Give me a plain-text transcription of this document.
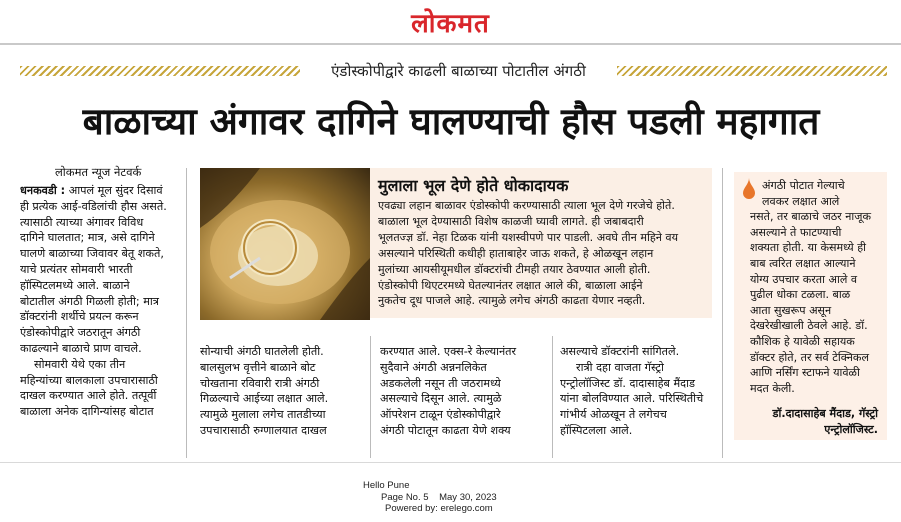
लोकमत
एंडोस्कोपीद्वारे काढली बाळाच्या पोटातील अंगठी
बाळाच्या अंगावर दागिने घालण्याची हौस पडली महागात
लोकमत न्यूज नेटवर्क

धनकवडी : आपलं मूल सुंदर दिसावं

ही प्रत्येक आई-वडिलांची हौस असते.

त्यासाठी त्याच्या अंगावर विविध

दागिने घालतात; मात्र, असे दागिने

घालणे बाळाच्या जिवावर बेतू शकते,

याचे प्रत्यंतर सोमवारी भारती

हॉस्पिटलमध्ये आले. बाळाने

बोटातील अंगठी गिळली होती; मात्र

डॉक्टरांनी शर्थीचे प्रयत्न करून

एंडोस्कोपीद्वारे जठरातून अंगठी

काढल्याने बाळाचे प्राण वाचले.

सोमवारी येथे एका तीन

महिन्यांच्या बालकाला उपचारासाठी

दाखल करण्यात आले होते. तत्पूर्वी

बाळाला अनेक दागिन्यांसह बोटात

मुलाला भूल देणे होते धोकादायक

एवढ्या लहान बाळावर एंडोस्कोपी करण्यासाठी त्याला भूल देणे गरजेचे होते.

बाळाला भूल देण्यासाठी विशेष काळजी घ्यावी लागते. ही जबाबदारी

भूलतज्ज्ञ डॉ. नेहा टिळक यांनी यशस्वीपणे पार पाडली. अवघे तीन महिने वय

असल्याने परिस्थिती कधीही हाताबाहेर जाऊ शकते, हे ओळखून लहान

मुलांच्या आयसीयूमधील डॉक्टरांची टीमही तयार ठेवण्यात आली होती.

एंडोस्कोपी थिएटरमध्ये घेतल्यानंतर लक्षात आले की, बाळाला आईने

नुकतेच दूध पाजले आहे. त्यामुळे लगेच अंगठी काढता येणार नव्हती.

सोन्याची अंगठी घातलेली होती.

बालसुलभ वृत्तीने बाळाने बोट

चोखताना रविवारी रात्री अंगठी

गिळल्याचे आईच्या लक्षात आले.

त्यामुळे मुलाला लगेच तातडीच्या

उपचारासाठी रुग्णालयात दाखल

करण्यात आले. एक्स-रे केल्यानंतर

सुदैवाने अंगठी अन्ननलिकेत

अडकलेली नसून ती जठरामध्ये

असल्याचे दिसून आले. त्यामुळे

ऑपरेशन टाळून एंडोस्कोपीद्वारे

अंगठी पोटातून काढता येणे शक्य

असल्याचे डॉक्टरांनी सांगितले.

रात्री दहा वाजता गॅस्ट्रो

एन्ट्रोलॉजिस्ट डॉ. दादासाहेब मैंदाड

यांना बोलविण्यात आले. परिस्थितीचे

गांभीर्य ओळखून ते लगेचच

हॉस्पिटलला आले.

अंगठी पोटात गेल्याचे

लवकर लक्षात आले

नसते, तर बाळाचे जठर नाजूक

असल्याने ते फाटण्याची

शक्यता होती. या केसमध्ये ही

बाब त्वरित लक्षात आल्याने

योग्य उपचार करता आले व

पुढील धोका टळला. बाळ

आता सुखरूप असून

देखरेखीखाली ठेवले आहे. डॉ.

कौशिक हे यावेळी सहायक

डॉक्टर होते, तर सर्व टेक्निकल

आणि नर्सिंग स्टाफने यावेळी

मदत केली.

डॉ.दादासाहेब मैंदाड, गॅस्ट्रो

एन्ट्रोलॉजिस्ट.

Hello Pune
Page No. 5 May 30, 2023
Powered by: erelego.com
